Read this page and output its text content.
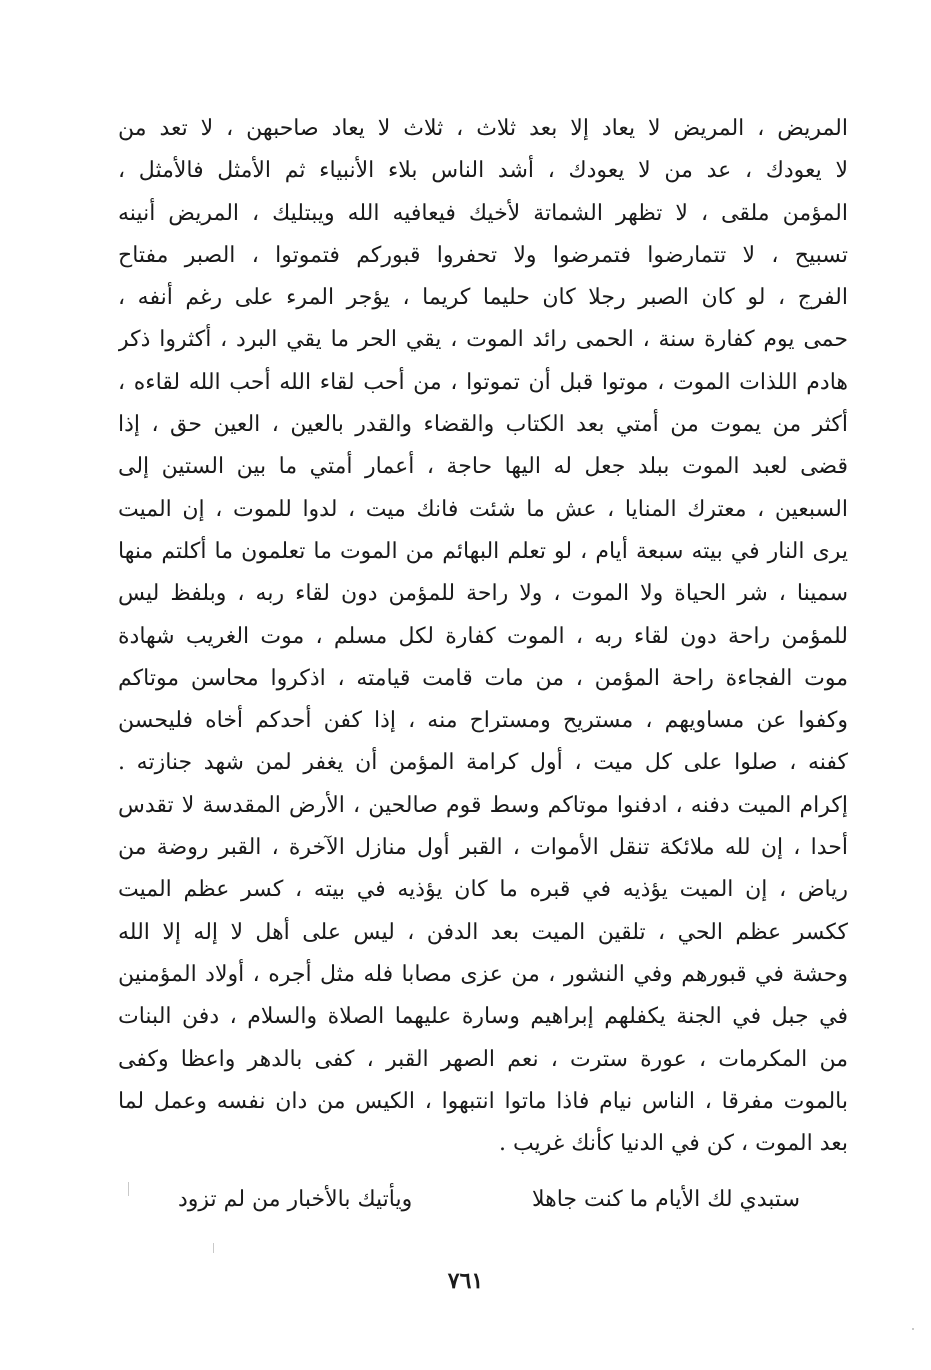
المريض ، المريض لا يعاد إلا بعد ثلاث ، ثلاث لا يعاد صاحبهن ، لا تعد من
لا يعودك ، عد من لا يعودك ، أشد الناس بلاء الأنبياء ثم الأمثل فالأمثل ،
المؤمن ملقى ، لا تظهر الشماتة لأخيك فيعافيه الله ويبتليك ، المريض أنينه
تسبيح ، لا تتمارضوا فتمرضوا ولا تحفروا قبوركم فتموتوا ، الصبر مفتاح
الفرج ، لو كان الصبر رجلا كان حليما كريما ، يؤجر المرء على رغم أنفه ،
حمى يوم كفارة سنة ، الحمى رائد الموت ، يقي الحر ما يقي البرد ، أكثروا ذكر
هادم اللذات الموت ، موتوا قبل أن تموتوا ، من أحب لقاء الله أحب الله لقاءه ،
أكثر من يموت من أمتي بعد الكتاب والقضاء والقدر بالعين ، العين حق ، إذا
قضى لعبد الموت ببلد جعل له اليها حاجة ، أعمار أمتي ما بين الستين إلى
السبعين ، معترك المنايا ، عش ما شئت فانك ميت ، لدوا للموت ، إن الميت
يرى النار في بيته سبعة أيام ، لو تعلم البهائم من الموت ما تعلمون ما أكلتم منها
سمينا ، شر الحياة ولا الموت ، ولا راحة للمؤمن دون لقاء ربه ، وبلفظ ليس
للمؤمن راحة دون لقاء ربه ، الموت كفارة لكل مسلم ، موت الغريب شهادة
موت الفجاءة راحة المؤمن ، من مات قامت قيامته ، اذكروا محاسن موتاكم
وكفوا عن مساويهم ، مستريح ومستراح منه ، إذا كفن أحدكم أخاه فليحسن
كفنه ، صلوا على كل ميت ، أول كرامة المؤمن أن يغفر لمن شهد جنازته .
إكرام الميت دفنه ، ادفنوا موتاكم وسط قوم صالحين ، الأرض المقدسة لا تقدس
أحدا ، إن لله ملائكة تنقل الأموات ، القبر أول منازل الآخرة ، القبر روضة من
رياض ، إن الميت يؤذيه في قبره ما كان يؤذيه في بيته ، كسر عظم الميت
ككسر عظم الحي ، تلقين الميت بعد الدفن ، ليس على أهل لا إله إلا الله
وحشة في قبورهم وفي النشور ، من عزى مصابا فله مثل أجره ، أولاد المؤمنين
في جبل في الجنة يكفلهم إبراهيم وسارة عليهما الصلاة والسلام ، دفن البنات
من المكرمات ، عورة سترت ، نعم الصهر القبر ، كفى بالدهر واعظا وكفى
بالموت مفرقا ، الناس نيام فاذا ماتوا انتبهوا ، الكيس من دان نفسه وعمل لما
بعد الموت ، كن في الدنيا كأنك غريب .
ستبدي لك الأيام ما كنت جاهلا
ويأتيك بالأخبار من لم تزود
٧٦١
